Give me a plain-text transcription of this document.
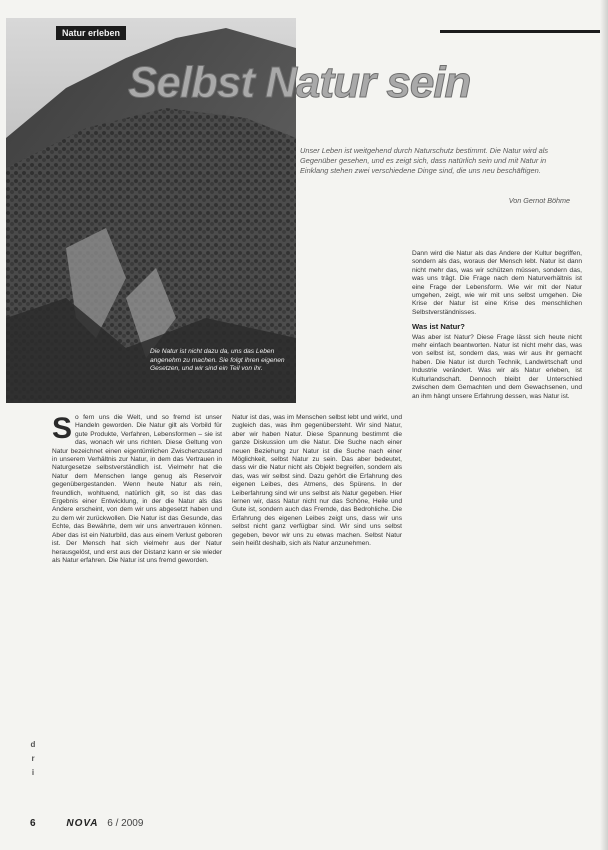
Natur erleben
Selbst Natur sein
Die Natur ist nicht dazu da, uns das Leben angenehm zu machen. Sie folgt ihren eigenen Gesetzen, und wir sind ein Teil von ihr.
Unser Leben ist weitgehend durch Naturschutz bestimmt. Die Natur wird als Gegenüber gesehen, und es zeigt sich, dass natürlich sein und mit Natur in Einklang stehen zwei verschiedene Dinge sind, die uns neu beschäftigen.
Von Gernot Böhme
S o fern uns die Welt, und so fremd ist unser Handeln geworden. Die Natur gilt als Vorbild für gute Produkte, Verfahren, Lebensformen – sie ist das, wonach wir uns richten. Diese Geltung von Natur bezeichnet einen eigentümlichen Zwischenzustand in unserem Verhältnis zur Natur, in dem das Vertrauen in Naturgesetze selbstverständlich ist. Vielmehr hat die Natur dem Menschen lange genug als Reservoir gegenübergestanden. Wenn heute Natur als rein, freundlich, wohltuend, natürlich gilt, so ist das das Ergebnis einer Entwicklung, in der die Natur als das Andere erscheint, von dem wir uns abgesetzt haben und zu dem wir zurückwollen. Die Natur ist das Gesunde, das Echte, das Bewährte, dem wir uns anvertrauen können. Aber das ist ein Naturbild, das aus einem Verlust geboren ist. Der Mensch hat sich vielmehr aus der Natur herausgelöst, und erst aus der Distanz kann er sie wieder als Natur erfahren. Die Natur ist uns fremd geworden.
Natur ist das, was im Menschen selbst lebt und wirkt, und zugleich das, was ihm gegenübersteht. Wir sind Natur, aber wir haben Natur. Diese Spannung bestimmt die ganze Diskussion um die Natur. Die Suche nach einer neuen Beziehung zur Natur ist die Suche nach einer Möglichkeit, selbst Natur zu sein. Das aber bedeutet, dass wir die Natur nicht als Objekt begreifen, sondern als das, was wir selbst sind. Dazu gehört die Erfahrung des eigenen Leibes, des Atmens, des Spürens. In der Leiberfahrung sind wir uns selbst als Natur gegeben. Hier lernen wir, dass Natur nicht nur das Schöne, Heile und Gute ist, sondern auch das Fremde, das Bedrohliche. Die Erfahrung des eigenen Leibes zeigt uns, dass wir uns selbst nicht ganz verfügbar sind. Wir sind uns selbst gegeben, bevor wir uns zu etwas machen. Selbst Natur sein heißt deshalb, sich als Natur anzunehmen.
Dann wird die Natur als das Andere der Kultur begriffen, sondern als das, woraus der Mensch lebt. Natur ist dann nicht mehr das, was wir schützen müssen, sondern das, was uns trägt. Die Frage nach dem Naturverhältnis ist eine Frage der Lebensform. Wie wir mit der Natur umgehen, zeigt, wie wir mit uns selbst umgehen. Die Krise der Natur ist eine Krise des menschlichen Selbstverständnisses.
Was ist Natur?
Was aber ist Natur? Diese Frage lässt sich heute nicht mehr einfach beantworten. Natur ist nicht mehr das, was von selbst ist, sondern das, was wir aus ihr gemacht haben. Die Natur ist durch Technik, Landwirtschaft und Industrie verändert. Was wir als Natur erleben, ist Kulturlandschaft. Dennoch bleibt der Unterschied zwischen dem Gemachten und dem Gewachsenen, und an ihm hängt unsere Erfahrung dessen, was Natur ist.
d
r
i
6	NOVA 6 / 2009
